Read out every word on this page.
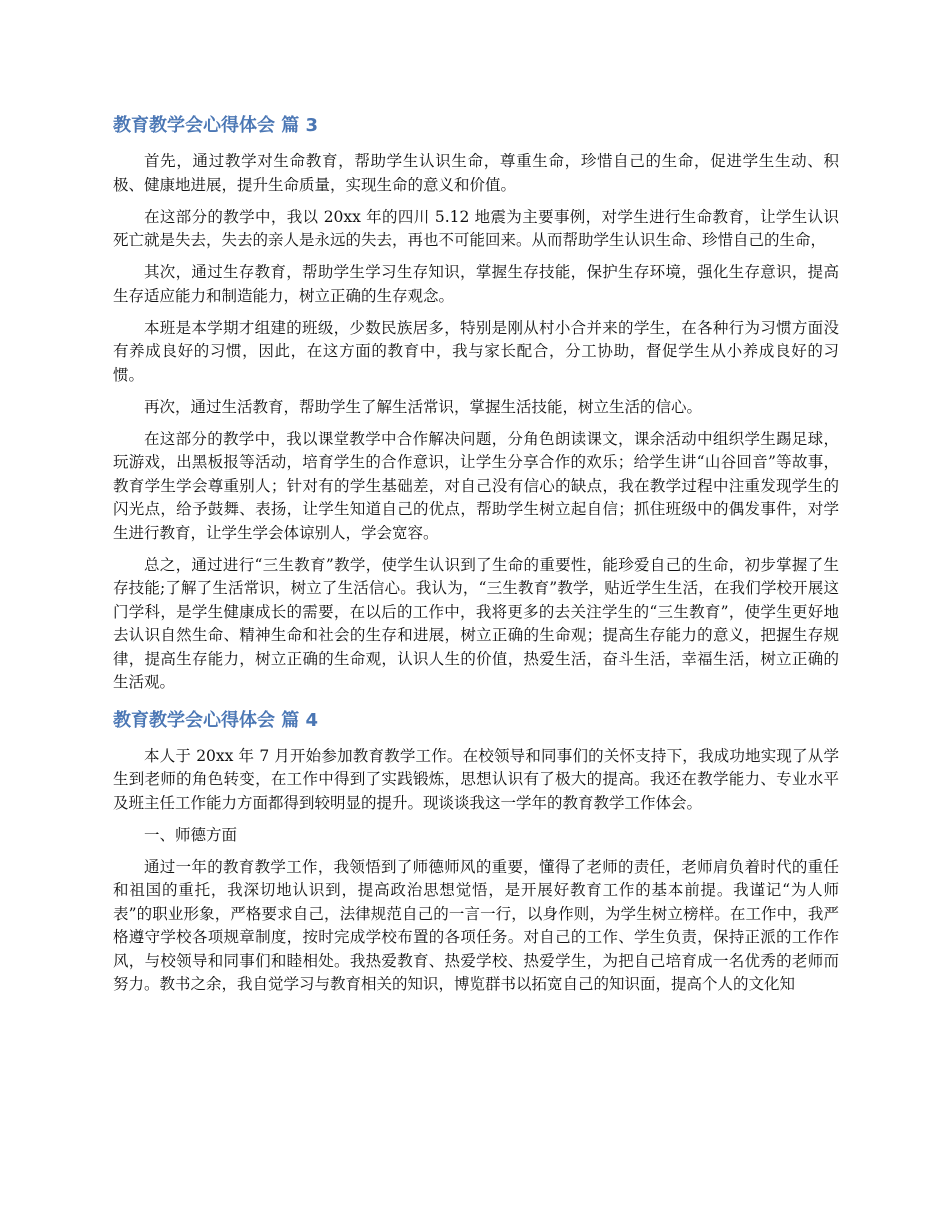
教育教学会心得体会 篇 3

首先，通过教学对生命教育，帮助学生认识生命，尊重生命，珍惜自己的生命，促进学生生动、积极、健康地进展，提升生命质量，实现生命的意义和价值。

在这部分的教学中，我以 20xx 年的四川 5.12 地震为主要事例，对学生进行生命教育，让学生认识死亡就是失去，失去的亲人是永远的失去，再也不可能回来。从而帮助学生认识生命、珍惜自己的生命，

其次，通过生存教育，帮助学生学习生存知识，掌握生存技能，保护生存环境，强化生存意识，提高生存适应能力和制造能力，树立正确的生存观念。

本班是本学期才组建的班级，少数民族居多，特别是刚从村小合并来的学生，在各种行为习惯方面没有养成良好的习惯，因此，在这方面的教育中，我与家长配合，分工协助，督促学生从小养成良好的习惯。

再次，通过生活教育，帮助学生了解生活常识，掌握生活技能，树立生活的信心。

在这部分的教学中，我以课堂教学中合作解决问题，分角色朗读课文，课余活动中组织学生踢足球，玩游戏，出黑板报等活动，培育学生的合作意识，让学生分享合作的欢乐；给学生讲“山谷回音”等故事，教育学生学会尊重别人；针对有的学生基础差，对自己没有信心的缺点，我在教学过程中注重发现学生的闪光点，给予鼓舞、表扬，让学生知道自己的优点，帮助学生树立起自信；抓住班级中的偶发事件，对学生进行教育，让学生学会体谅别人，学会宽容。

总之，通过进行“三生教育”教学，使学生认识到了生命的重要性，能珍爱自己的生命，初步掌握了生存技能;了解了生活常识，树立了生活信心。我认为，“三生教育”教学，贴近学生生活，在我们学校开展这门学科，是学生健康成长的需要，在以后的工作中，我将更多的去关注学生的“三生教育”，使学生更好地去认识自然生命、精神生命和社会的生存和进展，树立正确的生命观；提高生存能力的意义，把握生存规律，提高生存能力，树立正确的生命观，认识人生的价值，热爱生活，奋斗生活，幸福生活，树立正确的生活观。

教育教学会心得体会 篇 4

本人于 20xx 年 7 月开始参加教育教学工作。在校领导和同事们的关怀支持下，我成功地实现了从学生到老师的角色转变，在工作中得到了实践锻炼，思想认识有了极大的提高。我还在教学能力、专业水平及班主任工作能力方面都得到较明显的提升。现谈谈我这一学年的教育教学工作体会。

一、师德方面

通过一年的教育教学工作，我领悟到了师德师风的重要，懂得了老师的责任，老师肩负着时代的重任和祖国的重托，我深切地认识到，提高政治思想觉悟，是开展好教育工作的基本前提。我谨记“为人师表”的职业形象，严格要求自己，法律规范自己的一言一行，以身作则，为学生树立榜样。在工作中，我严格遵守学校各项规章制度，按时完成学校布置的各项任务。对自己的工作、学生负责，保持正派的工作作风，与校领导和同事们和睦相处。我热爱教育、热爱学校、热爱学生，为把自己培育成一名优秀的老师而努力。教书之余，我自觉学习与教育相关的知识，博览群书以拓宽自己的知识面，提高个人的文化知
